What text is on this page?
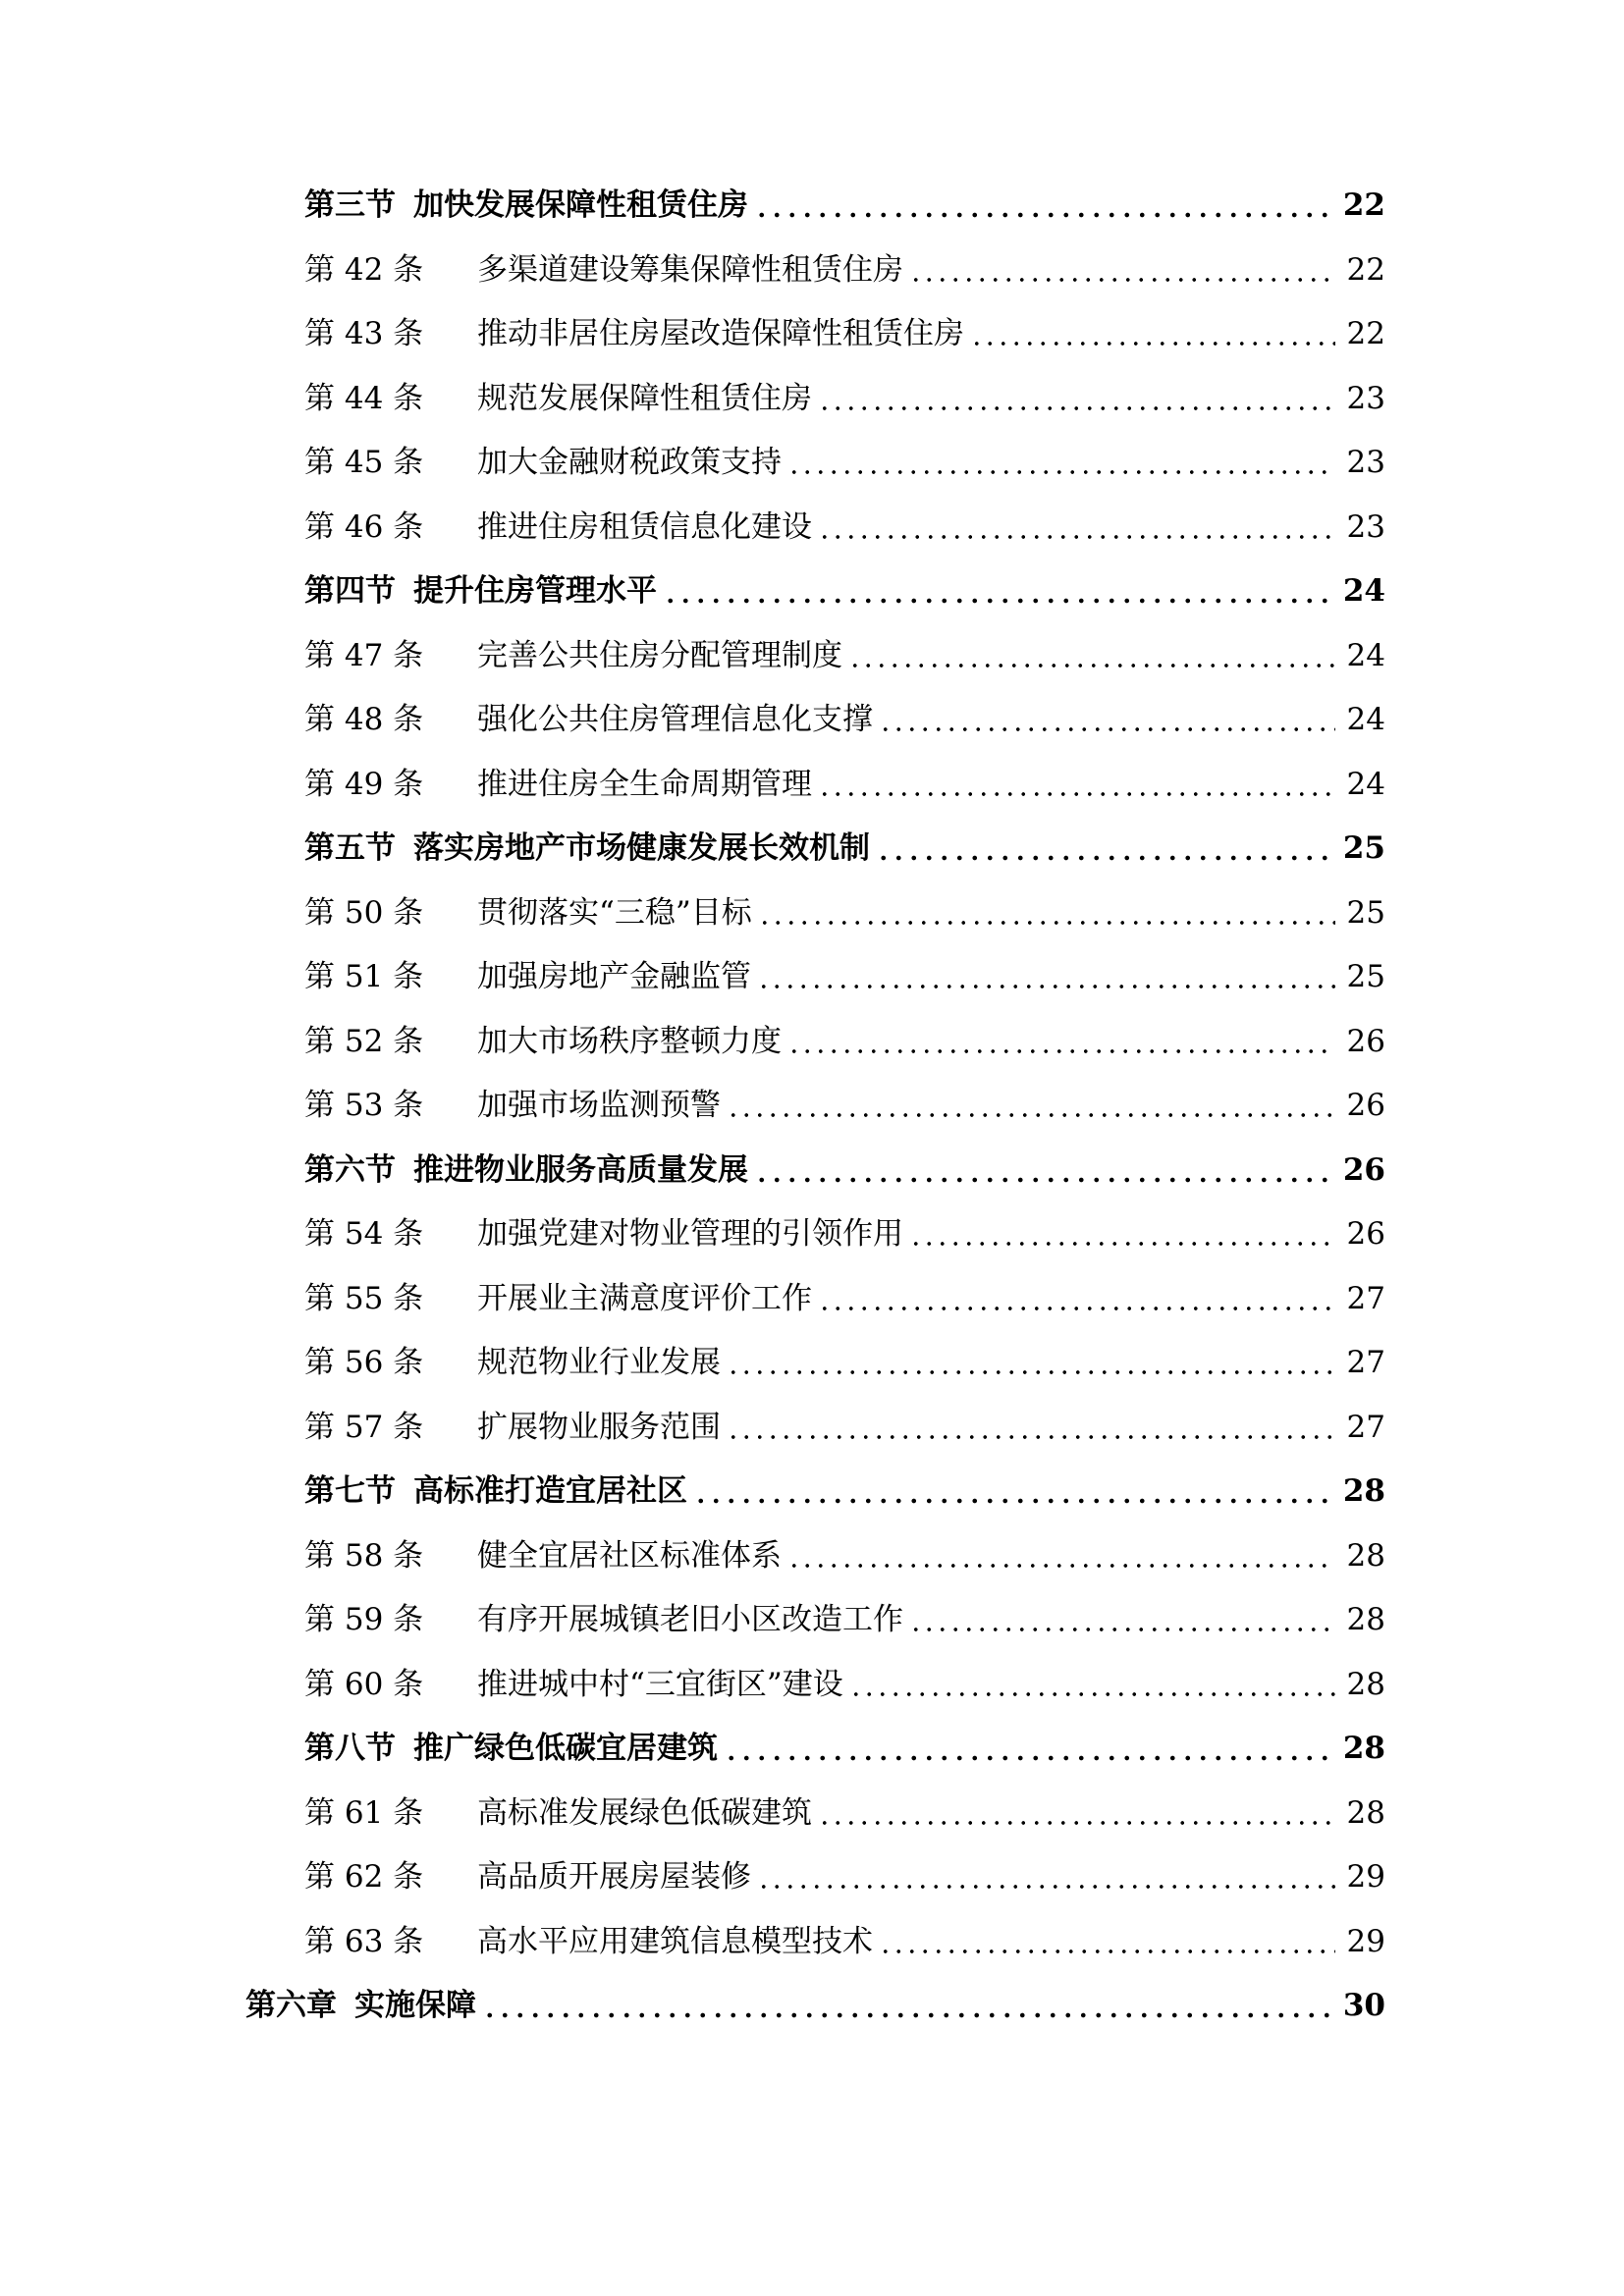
第三节 加快发展保障性租赁住房	22
第 42 条	多渠道建设筹集保障性租赁住房	22
第 43 条	推动非居住房屋改造保障性租赁住房	22
第 44 条	规范发展保障性租赁住房	23
第 45 条	加大金融财税政策支持	23
第 46 条	推进住房租赁信息化建设	23
第四节 提升住房管理水平	24
第 47 条	完善公共住房分配管理制度	24
第 48 条	强化公共住房管理信息化支撑	24
第 49 条	推进住房全生命周期管理	24
第五节 落实房地产市场健康发展长效机制	25
第 50 条	贯彻落实“三稳”目标	25
第 51 条	加强房地产金融监管	25
第 52 条	加大市场秩序整顿力度	26
第 53 条	加强市场监测预警	26
第六节 推进物业服务高质量发展	26
第 54 条	加强党建对物业管理的引领作用	26
第 55 条	开展业主满意度评价工作	27
第 56 条	规范物业行业发展	27
第 57 条	扩展物业服务范围	27
第七节 高标准打造宜居社区	28
第 58 条	健全宜居社区标准体系	28
第 59 条	有序开展城镇老旧小区改造工作	28
第 60 条	推进城中村“三宜街区”建设	28
第八节 推广绿色低碳宜居建筑	28
第 61 条	高标准发展绿色低碳建筑	28
第 62 条	高品质开展房屋装修	29
第 63 条	高水平应用建筑信息模型技术	29
第六章 实施保障	30
